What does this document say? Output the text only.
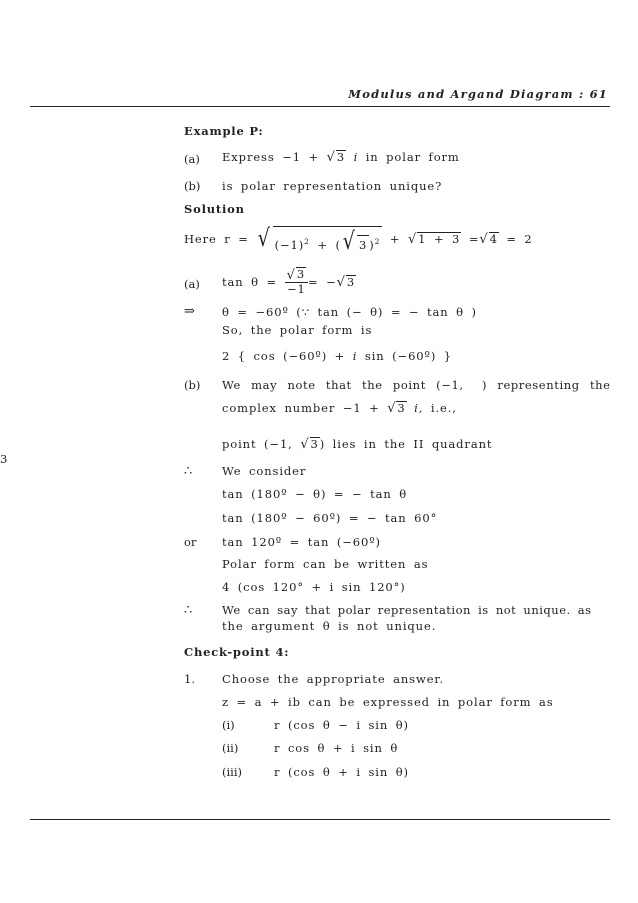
Modulus and Argand Diagram : 61
3
Example P:
(a) Express −1 + √ 3 i in polar form
(b) is polar representation unique?
Solution
Here r =
√ $(-1)^2$ + ( √ 3 )$^2$
+
√ 1 + 3
= √ 4
= 2
(a) tan θ =
$\frac{√ 3}{-1}$ = − √ 3
⇒ θ = −60º (∵ tan (− θ) = − tan θ )
So, the polar form is
2 { cos (−60º) + i sin (−60º) }
(b) We may note that the point (−1, ) representing the
complex number −1 + √ 3 i, i.e.,
point (−1, √ 3 ) lies in the II quadrant
∴	We consider
tan (180º − θ) = − tan θ
tan (180º − 60º) = − tan 60°
or tan 120º = tan (−60º)
Polar form can be written as
4 (cos 120° + i sin 120°)
∴	We can say that polar representation is not unique. as
the argument θ is not unique.
Check-point 4:
1. Choose the appropriate answer.
z = a + ib can be expressed in polar form as
(i)	r (cos θ − i sin θ)
(ii)	r cos θ + i sin θ
(iii)	r (cos θ + i sin θ)
